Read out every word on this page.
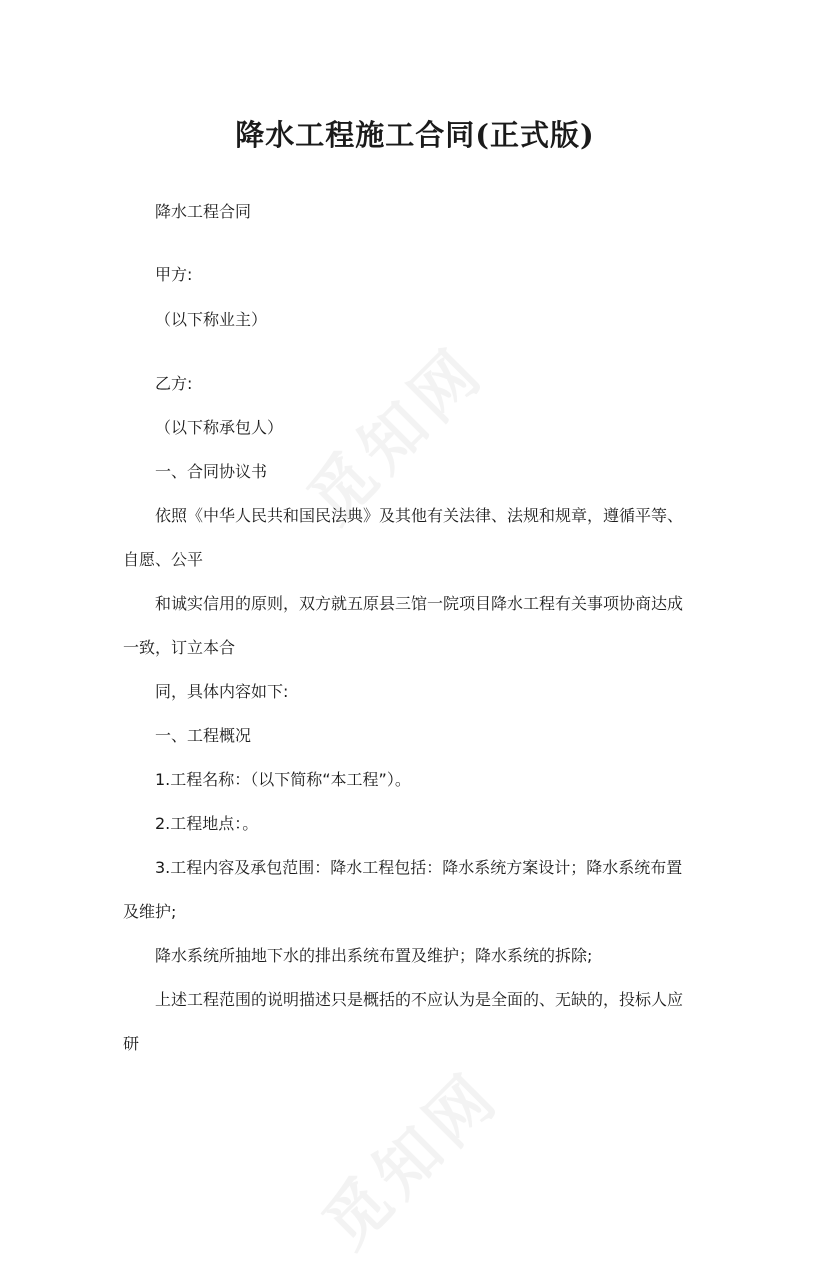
降水工程施工合同(正式版)
降水工程合同
甲方:
（以下称业主）
乙方:
（以下称承包人）
一、合同协议书
依照《中华人民共和国民法典》及其他有关法律、法规和规章，遵循平等、
自愿、公平
和诚实信用的原则，双方就五原县三馆一院项目降水工程有关事项协商达成
一致，订立本合
同，具体内容如下:
一、工程概况
1.工程名称：（以下简称“本工程”）。
2.工程地点：。
3.工程内容及承包范围：降水工程包括：降水系统方案设计；降水系统布置
及维护;
降水系统所抽地下水的排出系统布置及维护；降水系统的拆除;
上述工程范围的说明描述只是概括的不应认为是全面的、无缺的，投标人应
研
